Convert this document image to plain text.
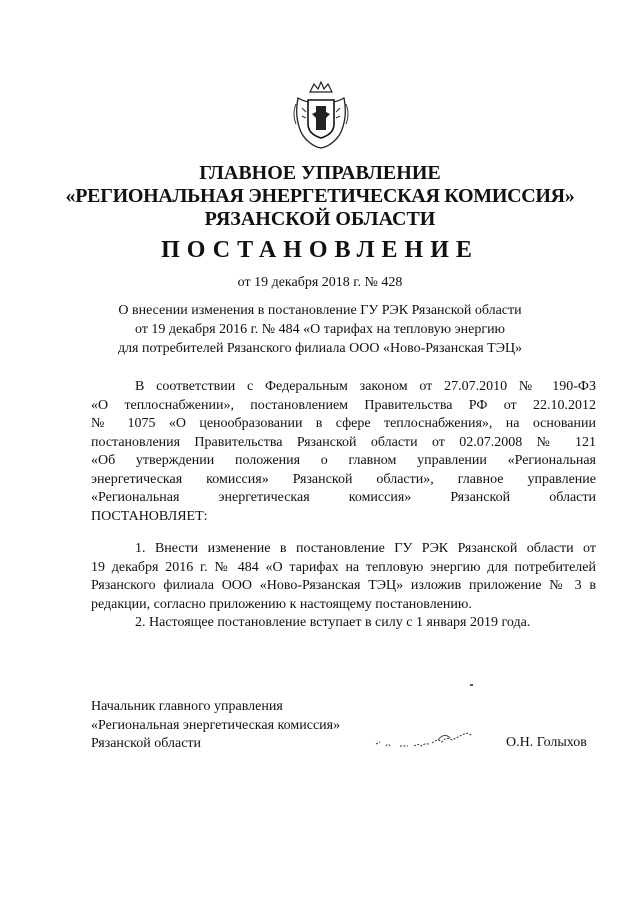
ГЛАВНОЕ УПРАВЛЕНИЕ
«РЕГИОНАЛЬНАЯ ЭНЕРГЕТИЧЕСКАЯ КОМИССИЯ»
РЯЗАНСКОЙ ОБЛАСТИ
ПОСТАНОВЛЕНИЕ
от 19 декабря 2018 г. № 428
О внесении изменения в постановление ГУ РЭК Рязанской области
от 19 декабря 2016 г. № 484 «О тарифах на тепловую энергию
для потребителей Рязанского филиала ООО «Ново-Рязанская ТЭЦ»
В соответствии с Федеральным законом от 27.07.2010 № 190-ФЗ
«О теплоснабжении», постановлением Правительства РФ от 22.10.2012
№ 1075 «О ценообразовании в сфере теплоснабжения», на основании
постановления Правительства Рязанской области от 02.07.2008 № 121
«Об утверждении положения о главном управлении «Региональная
энергетическая комиссия» Рязанской области», главное управление
«Региональная энергетическая комиссия» Рязанской области
ПОСТАНОВЛЯЕТ:
1. Внести изменение в постановление ГУ РЭК Рязанской области от
19 декабря 2016 г. № 484 «О тарифах на тепловую энергию для потребителей
Рязанского филиала ООО «Ново-Рязанская ТЭЦ» изложив приложение № 3 в
редакции, согласно приложению к настоящему постановлению.
2. Настоящее постановление вступает в силу с 1 января 2019 года.
Начальник главного управления
«Региональная энергетическая комиссия»
Рязанской области	О.Н. Голыхов
